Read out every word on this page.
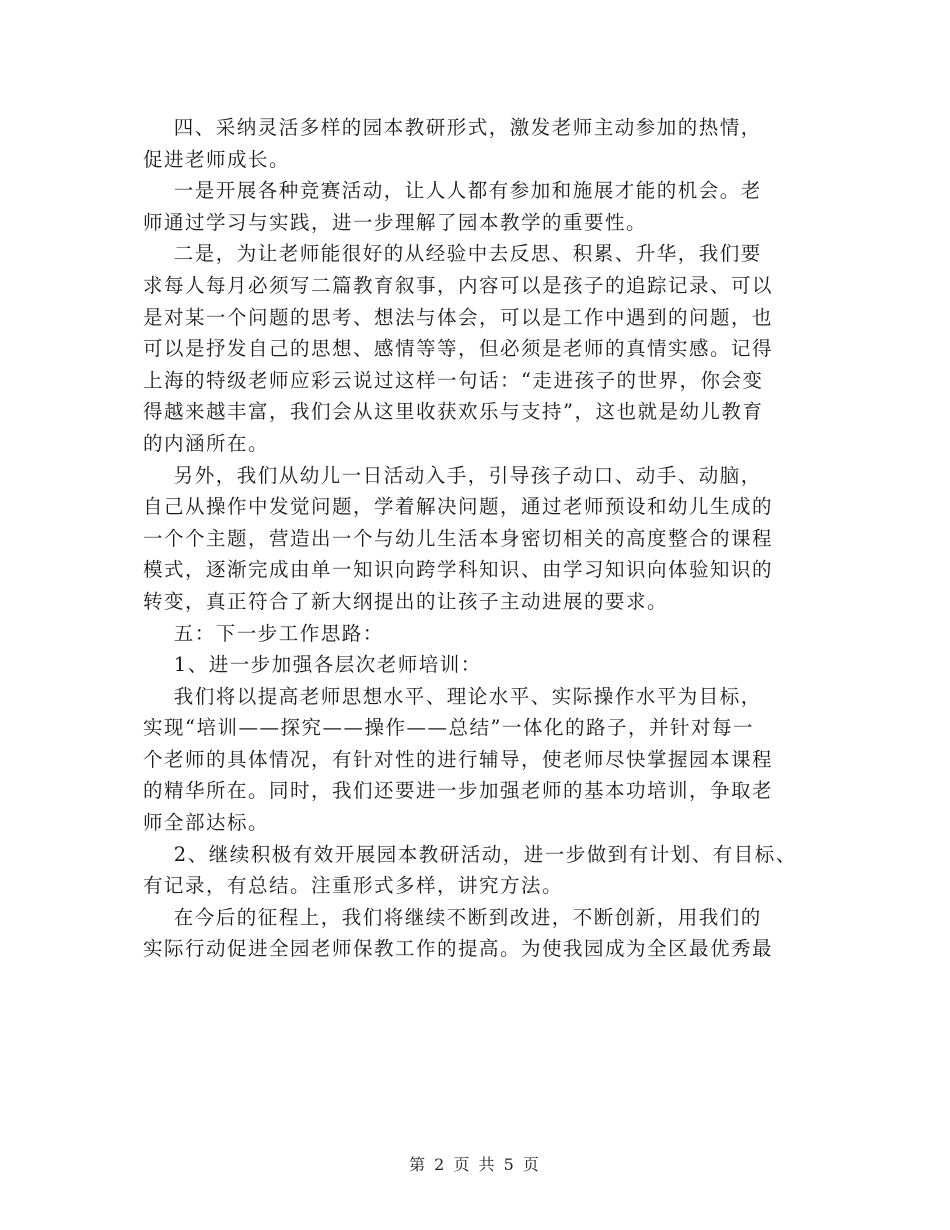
四、采纳灵活多样的园本教研形式，激发老师主动参加的热情，
促进老师成长。
一是开展各种竞赛活动，让人人都有参加和施展才能的机会。老
师通过学习与实践，进一步理解了园本教学的重要性。
二是，为让老师能很好的从经验中去反思、积累、升华，我们要
求每人每月必须写二篇教育叙事，内容可以是孩子的追踪记录、可以
是对某一个问题的思考、想法与体会，可以是工作中遇到的问题，也
可以是抒发自己的思想、感情等等，但必须是老师的真情实感。记得
上海的特级老师应彩云说过这样一句话：“走进孩子的世界，你会变
得越来越丰富，我们会从这里收获欢乐与支持”，这也就是幼儿教育
的内涵所在。
另外，我们从幼儿一日活动入手，引导孩子动口、动手、动脑，
自己从操作中发觉问题，学着解决问题，通过老师预设和幼儿生成的
一个个主题，营造出一个与幼儿生活本身密切相关的高度整合的课程
模式，逐渐完成由单一知识向跨学科知识、由学习知识向体验知识的
转变，真正符合了新大纲提出的让孩子主动进展的要求。
五：下一步工作思路：
1、进一步加强各层次老师培训：
我们将以提高老师思想水平、理论水平、实际操作水平为目标，
实现“培训——探究——操作——总结”一体化的路子，并针对每一
个老师的具体情况，有针对性的进行辅导，使老师尽快掌握园本课程
的精华所在。同时，我们还要进一步加强老师的基本功培训，争取老
师全部达标。
2、继续积极有效开展园本教研活动，进一步做到有计划、有目标、
有记录，有总结。注重形式多样，讲究方法。
在今后的征程上，我们将继续不断到改进，不断创新，用我们的
实际行动促进全园老师保教工作的提高。为使我园成为全区最优秀最
第 2 页 共 5 页
